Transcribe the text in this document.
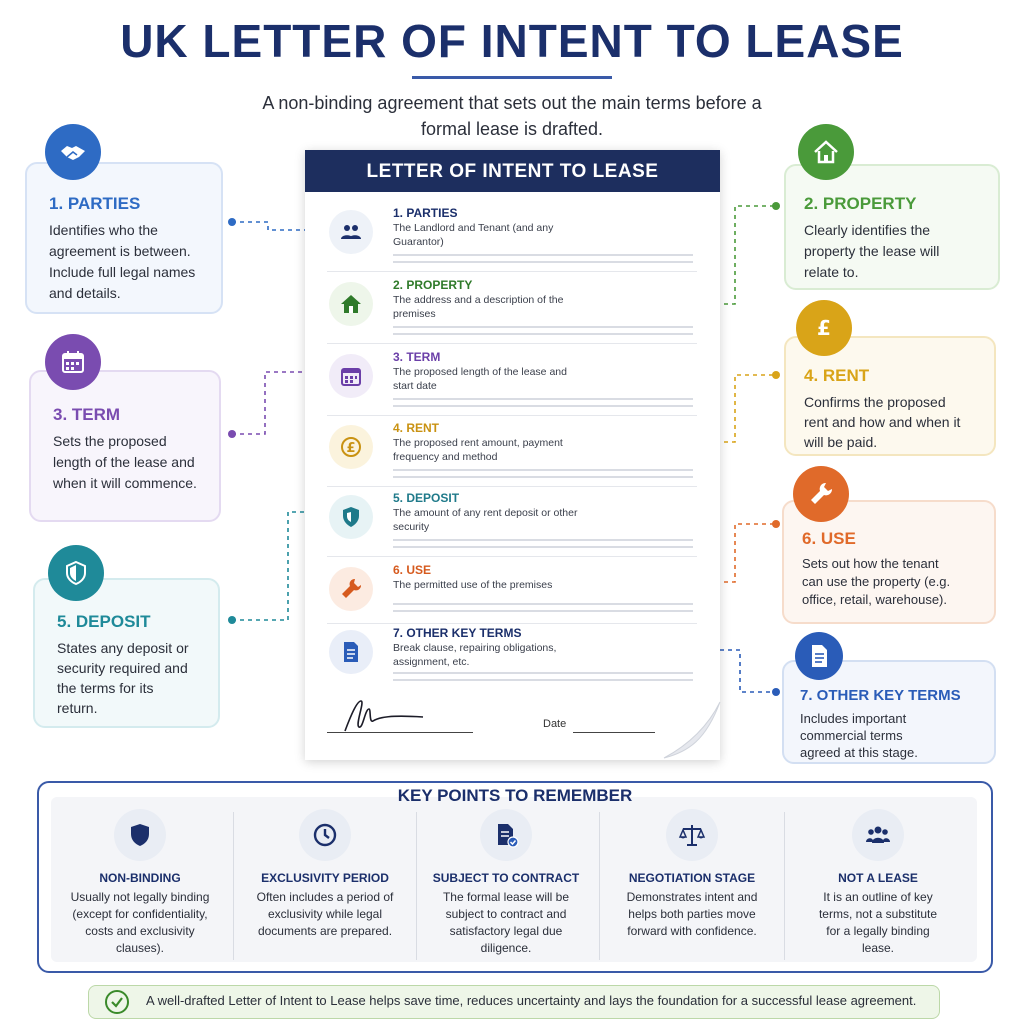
UK LETTER OF INTENT TO LEASE
A non-binding agreement that sets out the main terms before a formal lease is drafted.
1. PARTIES

Identifies who the agreement is between. Include full legal names and details.

3. TERM

Sets the proposed length of the lease and when it will commence.

5. DEPOSIT

States any deposit or security required and the terms for its return.

2. PROPERTY

Clearly identifies the property the lease will relate to.

4. RENT

Confirms the proposed rent and how and when it will be paid.

£
6. USE

Sets out how the tenant can use the property (e.g. office, retail, warehouse).

7. OTHER KEY TERMS

Includes important commercial terms agreed at this stage.

LETTER OF INTENT TO LEASE
1. PARTIES
The Landlord and Tenant (and any Guarantor)
2. PROPERTY
The address and a description of the premises
3. TERM
The proposed length of the lease and start date
£
4. RENT
The proposed rent amount, payment frequency and method
5. DEPOSIT
The amount of any rent deposit or other security
6. USE
The permitted use of the premises
7. OTHER KEY TERMS
Break clause, repairing obligations, assignment, etc.
Date
KEY POINTS TO REMEMBER
NON-BINDING

Usually not legally binding (except for confidentiality, costs and exclusivity clauses).

EXCLUSIVITY PERIOD

Often includes a period of exclusivity while legal documents are prepared.

SUBJECT TO CONTRACT

The formal lease will be subject to contract and satisfactory legal due diligence.

NEGOTIATION STAGE

Demonstrates intent and helps both parties move forward with confidence.

NOT A LEASE

It is an outline of key terms, not a substitute for a legally binding lease.

A well-drafted Letter of Intent to Lease helps save time, reduces uncertainty and lays the foundation for a successful lease agreement.
